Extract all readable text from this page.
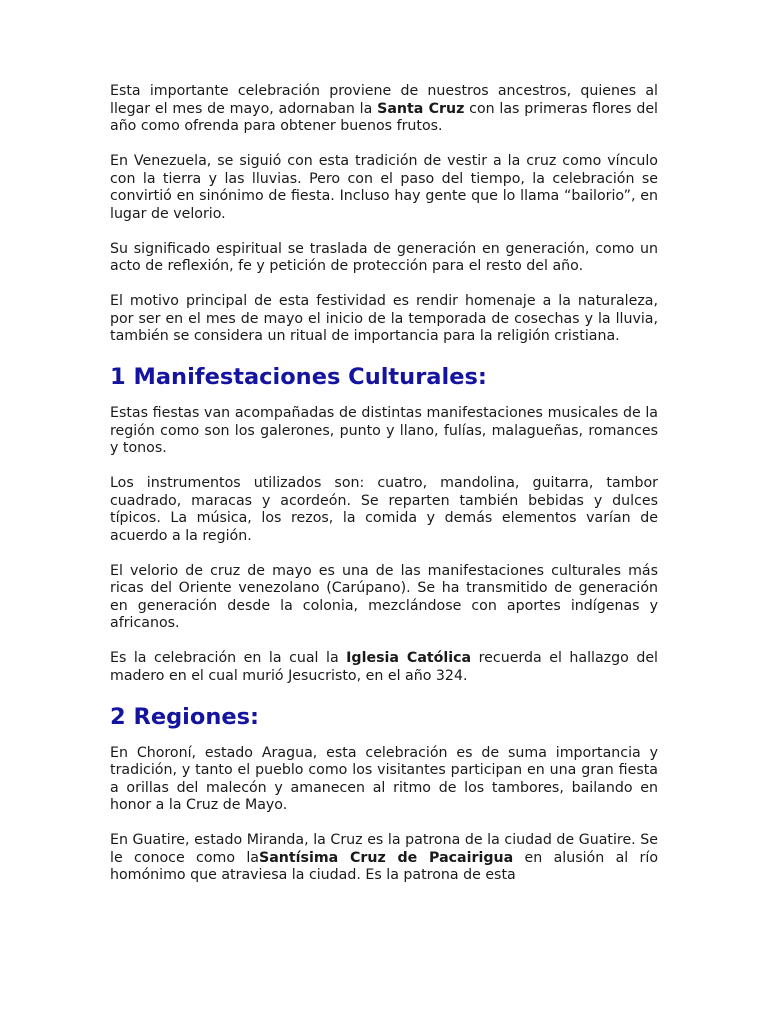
Esta importante celebración proviene de nuestros ancestros, quienes al llegar el mes de mayo, adornaban la Santa Cruz con las primeras flores del año como ofrenda para obtener buenos frutos.

En Venezuela, se siguió con esta tradición de vestir a la cruz como vínculo con la tierra y las lluvias. Pero con el paso del tiempo, la celebración se convirtió en sinónimo de fiesta. Incluso hay gente que lo llama “bailorio”, en lugar de velorio.

Su significado espiritual se traslada de generación en generación, como un acto de reflexión, fe y petición de protección para el resto del año.

El motivo principal de esta festividad es rendir homenaje a la naturaleza, por ser en el mes de mayo el inicio de la temporada de cosechas y la lluvia, también se considera un ritual de importancia para la religión cristiana.

1 Manifestaciones Culturales:

Estas fiestas van acompañadas de distintas manifestaciones musicales de la región como son los galerones, punto y llano, fulías, malagueñas, romances y tonos.

Los instrumentos utilizados son: cuatro, mandolina, guitarra, tambor cuadrado, maracas y acordeón. Se reparten también bebidas y dulces típicos. La música, los rezos, la comida y demás elementos varían de acuerdo a la región.

El velorio de cruz de mayo es una de las manifestaciones culturales más ricas del Oriente venezolano (Carúpano). Se ha transmitido de generación en generación desde la colonia, mezclándose con aportes indígenas y africanos.

Es la celebración en la cual la Iglesia Católica recuerda el hallazgo del madero en el cual murió Jesucristo, en el año 324.

2 Regiones:

En Choroní, estado Aragua, esta celebración es de suma importancia y tradición, y tanto el pueblo como los visitantes participan en una gran fiesta a orillas del malecón y amanecen al ritmo de los tambores, bailando en honor a la Cruz de Mayo.

En Guatire, estado Miranda, la Cruz es la patrona de la ciudad de Guatire. Se le conoce como laSantísima Cruz de Pacairigua en alusión al río homónimo que atraviesa la ciudad. Es la patrona de esta
